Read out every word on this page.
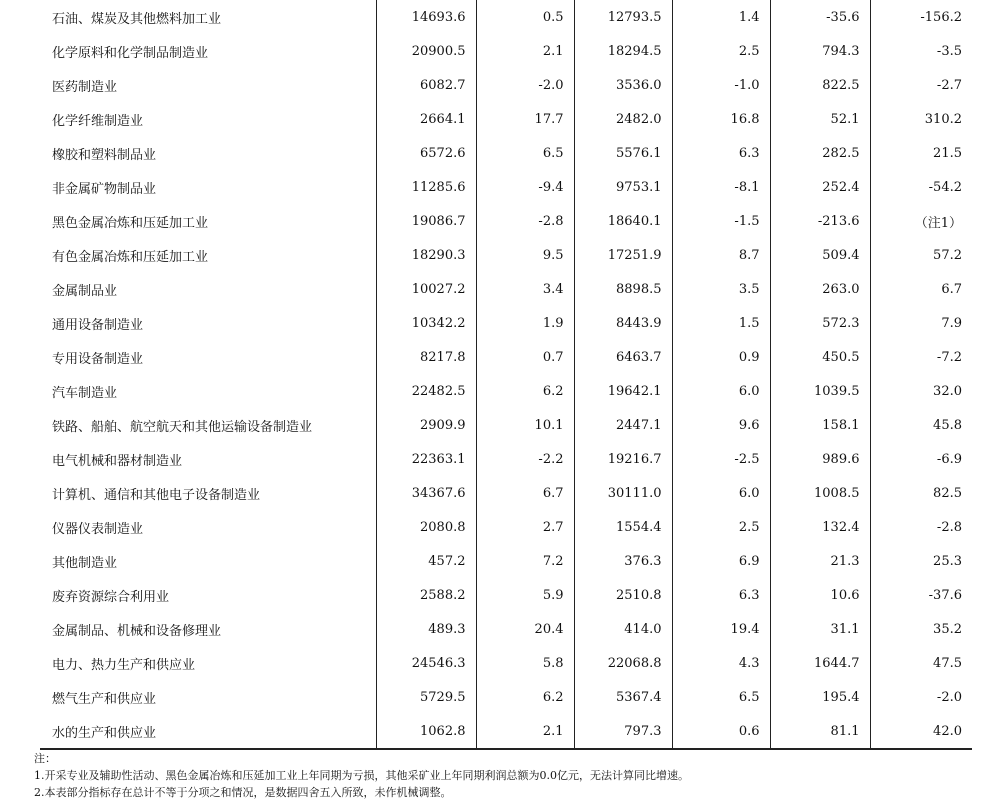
石油、煤炭及其他燃料加工业	14693.6	0.5	12793.5	1.4	-35.6	-156.2
化学原料和化学制品制造业	20900.5	2.1	18294.5	2.5	794.3	-3.5
医药制造业	6082.7	-2.0	3536.0	-1.0	822.5	-2.7
化学纤维制造业	2664.1	17.7	2482.0	16.8	52.1	310.2
橡胶和塑料制品业	6572.6	6.5	5576.1	6.3	282.5	21.5
非金属矿物制品业	11285.6	-9.4	9753.1	-8.1	252.4	-54.2
黑色金属冶炼和压延加工业	19086.7	-2.8	18640.1	-1.5	-213.6	（注1）
有色金属冶炼和压延加工业	18290.3	9.5	17251.9	8.7	509.4	57.2
金属制品业	10027.2	3.4	8898.5	3.5	263.0	6.7
通用设备制造业	10342.2	1.9	8443.9	1.5	572.3	7.9
专用设备制造业	8217.8	0.7	6463.7	0.9	450.5	-7.2
汽车制造业	22482.5	6.2	19642.1	6.0	1039.5	32.0
铁路、船舶、航空航天和其他运输设备制造业	2909.9	10.1	2447.1	9.6	158.1	45.8
电气机械和器材制造业	22363.1	-2.2	19216.7	-2.5	989.6	-6.9
计算机、通信和其他电子设备制造业	34367.6	6.7	30111.0	6.0	1008.5	82.5
仪器仪表制造业	2080.8	2.7	1554.4	2.5	132.4	-2.8
其他制造业	457.2	7.2	376.3	6.9	21.3	25.3
废弃资源综合利用业	2588.2	5.9	2510.8	6.3	10.6	-37.6
金属制品、机械和设备修理业	489.3	20.4	414.0	19.4	31.1	35.2
电力、热力生产和供应业	24546.3	5.8	22068.8	4.3	1644.7	47.5
燃气生产和供应业	5729.5	6.2	5367.4	6.5	195.4	-2.0
水的生产和供应业	1062.8	2.1	797.3	0.6	81.1	42.0
注：
1.开采专业及辅助性活动、黑色金属冶炼和压延加工业上年同期为亏损，其他采矿业上年同期利润总额为0.0亿元，无法计算同比增速。
2.本表部分指标存在总计不等于分项之和情况，是数据四舍五入所致，未作机械调整。
